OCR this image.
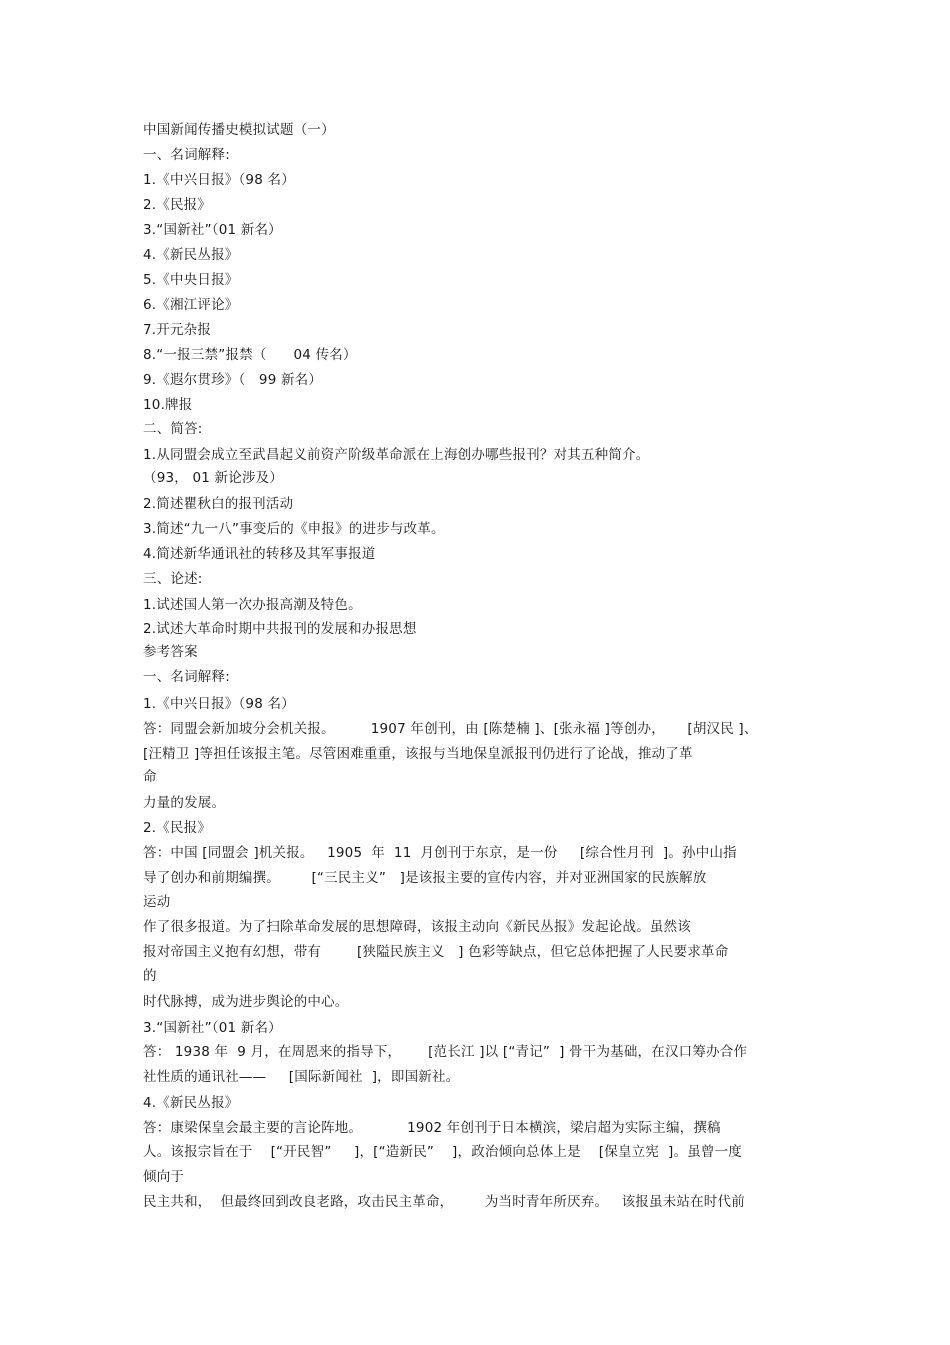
中国新闻传播史模拟试题（一）
一、名词解释:
1.《中兴日报》（98 名）
2.《民报》
3.“国新社”（01 新名）
4.《新民丛报》
5.《中央日报》
6.《湘江评论》
7.开元杂报
8.“一报三禁”报禁（      04 传名）
9.《遐尔贯珍》（   99 新名）
10.牌报
二、简答:
1.从同盟会成立至武昌起义前资产阶级革命派在上海创办哪些报刊？对其五种简介。
（93， 01 新论涉及）
2.简述瞿秋白的报刊活动
3.简述“九一八”事变后的《申报》的进步与改革。
4.简述新华通讯社的转移及其军事报道
三、论述:
1.试述国人第一次办报高潮及特色。
2.试述大革命时期中共报刊的发展和办报思想
参考答案
一、名词解释:
1.《中兴日报》（98 名）
答：同盟会新加坡分会机关报。        1907 年创刊，由 [陈楚楠 ]、[张永福 ]等创办，     [胡汉民 ]、
[汪精卫 ]等担任该报主笔。尽管困难重重，该报与当地保皇派报刊仍进行了论战，推动了革
命
力量的发展。
2.《民报》
答：中国 [同盟会 ]机关报。   1905  年  11  月创刊于东京，是一份     [综合性月刊  ]。孙中山指
导了创办和前期编撰。       [“三民主义”   ]是该报主要的宣传内容，并对亚洲国家的民族解放
运动
作了很多报道。为了扫除革命发展的思想障碍，该报主动向《新民丛报》发起论战。虽然该
报对帝国主义抱有幻想，带有        [狭隘民族主义   ] 色彩等缺点，但它总体把握了人民要求革命
的
时代脉搏，成为进步舆论的中心。
3.“国新社”（01 新名）
答： 1938 年  9 月，在周恩来的指导下，      [范长江 ]以 [“青记”  ] 骨干为基础，在汉口筹办合作
社性质的通讯社——     [国际新闻社  ]，即国新社。
4.《新民丛报》
答：康梁保皇会最主要的言论阵地。          1902 年创刊于日本横滨，梁启超为实际主编，撰稿
人。该报宗旨在于    [“开民智”     ]，[“造新民”    ]，政治倾向总体上是    [保皇立宪  ]。虽曾一度
倾向于
民主共和，  但最终回到改良老路，攻击民主革命，       为当时青年所厌弃。   该报虽未站在时代前
